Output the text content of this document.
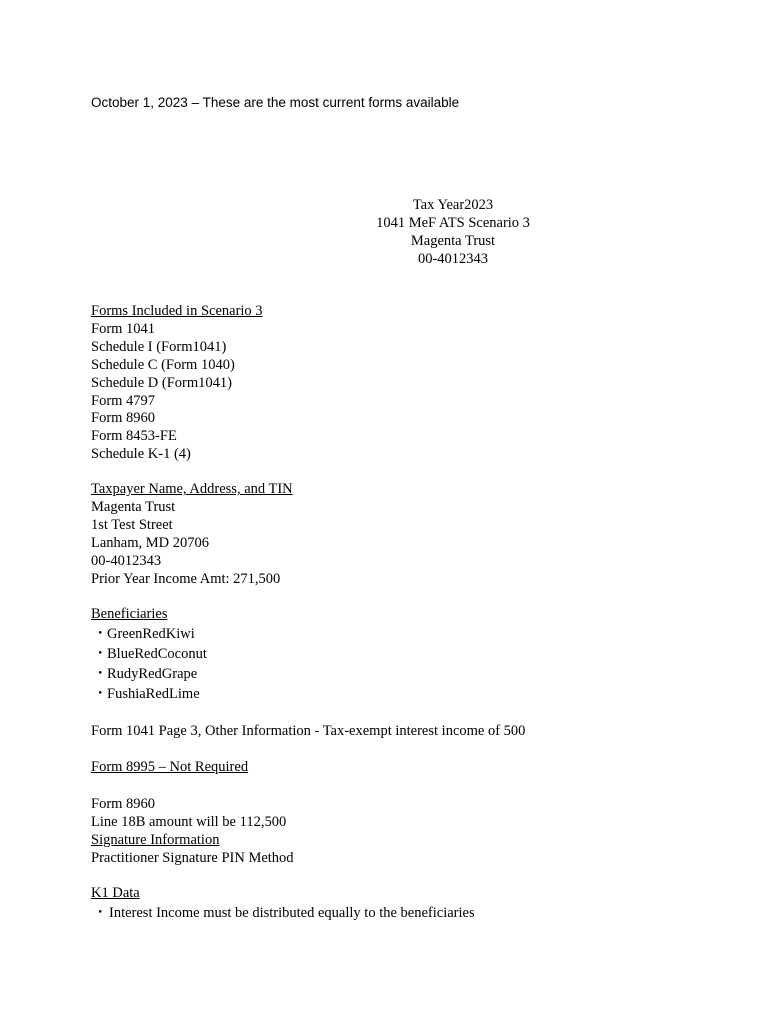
October 1, 2023 – These are the most current forms available
Tax Year2023
1041 MeF ATS Scenario 3
Magenta Trust
00-4012343
Forms Included in Scenario 3
Form 1041
Schedule I (Form1041)
Schedule C (Form 1040)
Schedule D (Form1041)
Form 4797
Form 8960
Form 8453-FE
Schedule K-1 (4)
Taxpayer Name, Address, and TIN
Magenta Trust
1st Test Street
Lanham, MD 20706
00-4012343
Prior Year Income Amt: 271,500
Beneficiaries
・ GreenRedKiwi
・ BlueRedCoconut
・ RudyRedGrape
・ FushiaRedLime
Form 1041 Page 3, Other Information - Tax-exempt interest income of 500
Form 8995 – Not Required
Form 8960
Line 18B amount will be 112,500
Signature Information
Practitioner Signature PIN Method
K1 Data
・ Interest Income must be distributed equally to the beneficiaries
